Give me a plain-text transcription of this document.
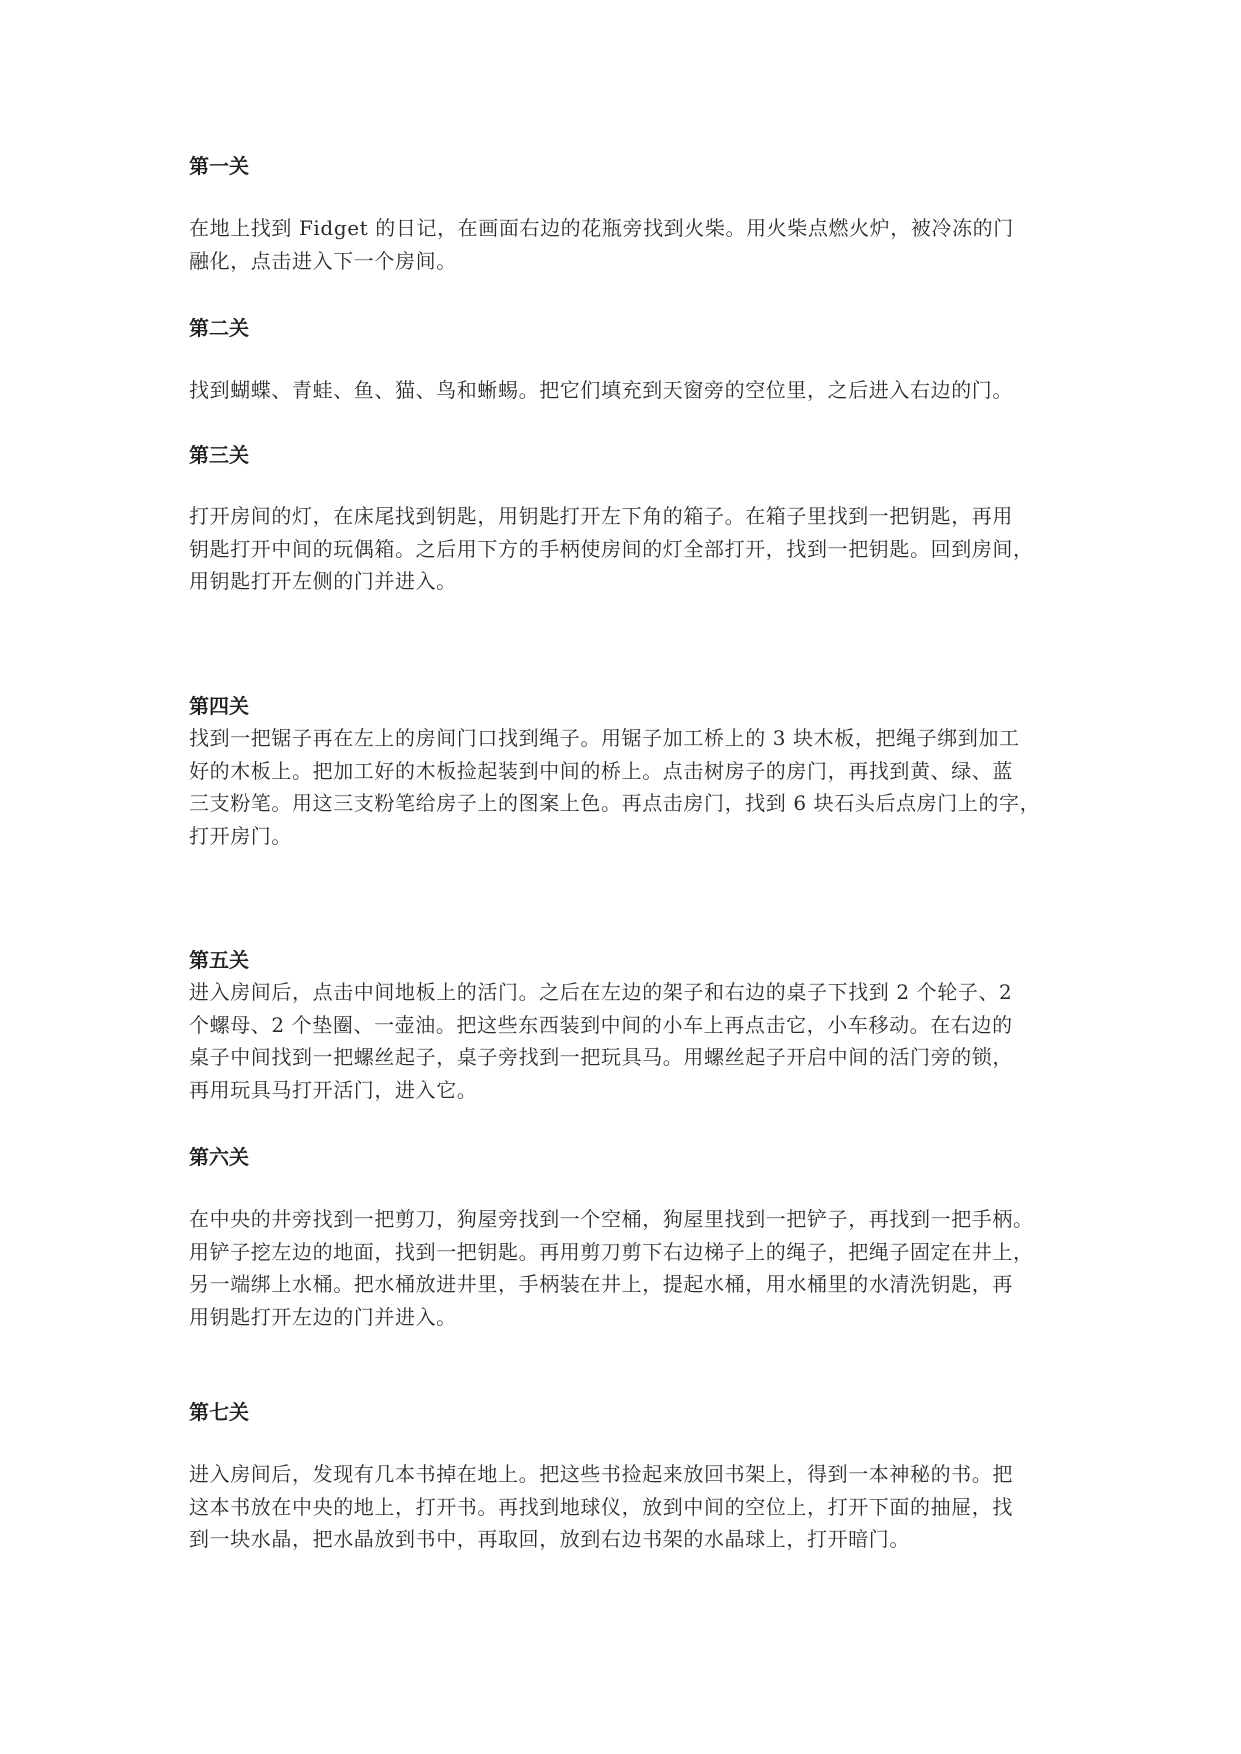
第一关

在地上找到 Fidget 的日记，在画面右边的花瓶旁找到火柴。用火柴点燃火炉，被冷冻的门
融化，点击进入下一个房间。

第二关

找到蝴蝶、青蛙、鱼、猫、鸟和蜥蜴。把它们填充到天窗旁的空位里，之后进入右边的门。

第三关

打开房间的灯，在床尾找到钥匙，用钥匙打开左下角的箱子。在箱子里找到一把钥匙，再用
钥匙打开中间的玩偶箱。之后用下方的手柄使房间的灯全部打开，找到一把钥匙。回到房间，
用钥匙打开左侧的门并进入。

第四关

找到一把锯子再在左上的房间门口找到绳子。用锯子加工桥上的 3 块木板，把绳子绑到加工
好的木板上。把加工好的木板捡起装到中间的桥上。点击树房子的房门，再找到黄、绿、蓝
三支粉笔。用这三支粉笔给房子上的图案上色。再点击房门，找到 6 块石头后点房门上的字，
打开房门。

第五关

进入房间后，点击中间地板上的活门。之后在左边的架子和右边的桌子下找到 2 个轮子、2
个螺母、2 个垫圈、一壶油。把这些东西装到中间的小车上再点击它，小车移动。在右边的
桌子中间找到一把螺丝起子，桌子旁找到一把玩具马。用螺丝起子开启中间的活门旁的锁，
再用玩具马打开活门，进入它。

第六关

在中央的井旁找到一把剪刀，狗屋旁找到一个空桶，狗屋里找到一把铲子，再找到一把手柄。
用铲子挖左边的地面，找到一把钥匙。再用剪刀剪下右边梯子上的绳子，把绳子固定在井上，
另一端绑上水桶。把水桶放进井里，手柄装在井上，提起水桶，用水桶里的水清洗钥匙，再
用钥匙打开左边的门并进入。

第七关

进入房间后，发现有几本书掉在地上。把这些书捡起来放回书架上，得到一本神秘的书。把
这本书放在中央的地上，打开书。再找到地球仪，放到中间的空位上，打开下面的抽屉，找
到一块水晶，把水晶放到书中，再取回，放到右边书架的水晶球上，打开暗门。
